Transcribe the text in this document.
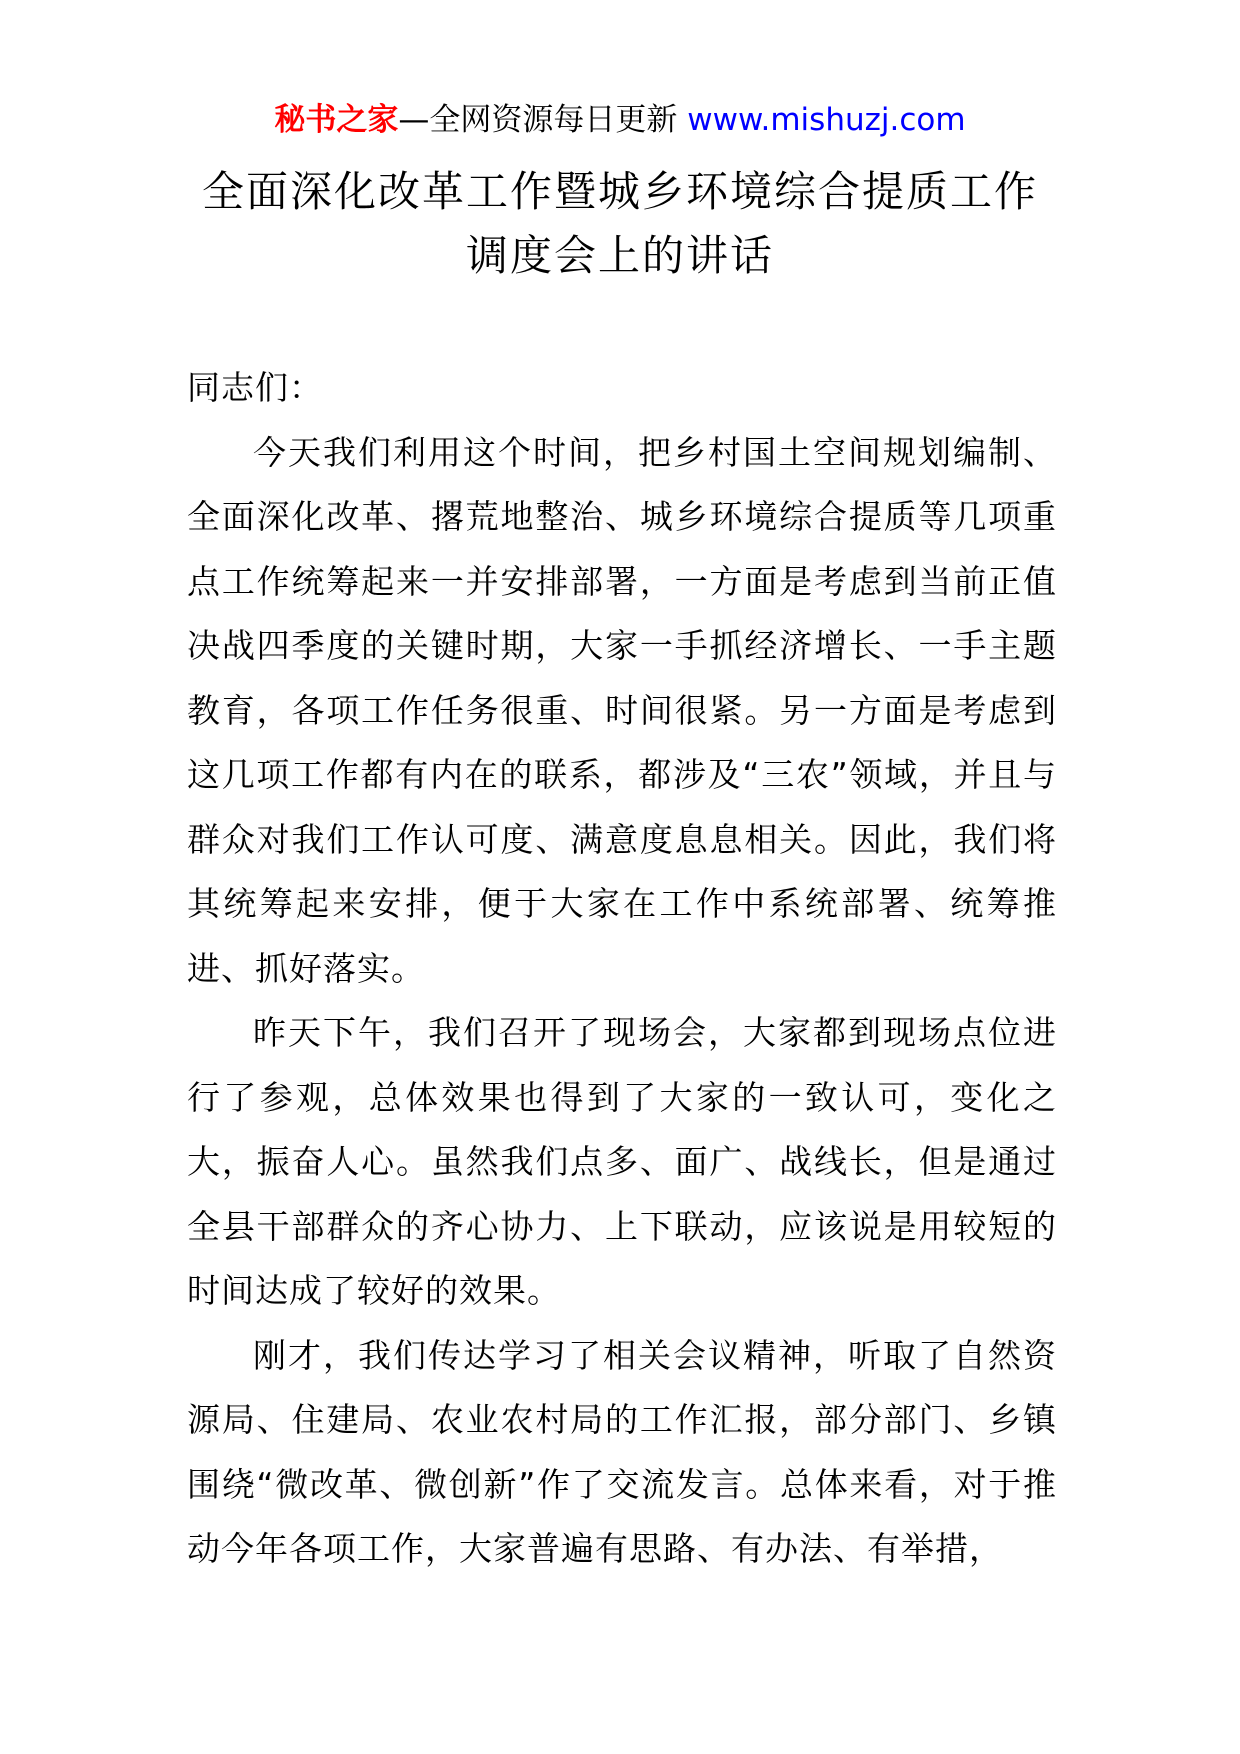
秘书之家—全网资源每日更新 www.mishuzj.com
全面深化改革工作暨城乡环境综合提质工作
调度会上的讲话

同志们：

今天我们利用这个时间，把乡村国土空间规划编制、全面深化改革、撂荒地整治、城乡环境综合提质等几项重点工作统筹起来一并安排部署，一方面是考虑到当前正值决战四季度的关键时期，大家一手抓经济增长、一手主题教育，各项工作任务很重、时间很紧。另一方面是考虑到这几项工作都有内在的联系，都涉及“三农”领域，并且与群众对我们工作认可度、满意度息息相关。因此，我们将其统筹起来安排，便于大家在工作中系统部署、统筹推进、抓好落实。

昨天下午，我们召开了现场会，大家都到现场点位进行了参观，总体效果也得到了大家的一致认可，变化之大，振奋人心。虽然我们点多、面广、战线长，但是通过全县干部群众的齐心协力、上下联动，应该说是用较短的时间达成了较好的效果。

刚才，我们传达学习了相关会议精神，听取了自然资源局、住建局、农业农村局的工作汇报，部分部门、乡镇围绕“微改革、微创新”作了交流发言。总体来看，对于推动今年各项工作，大家普遍有思路、有办法、有举措，
